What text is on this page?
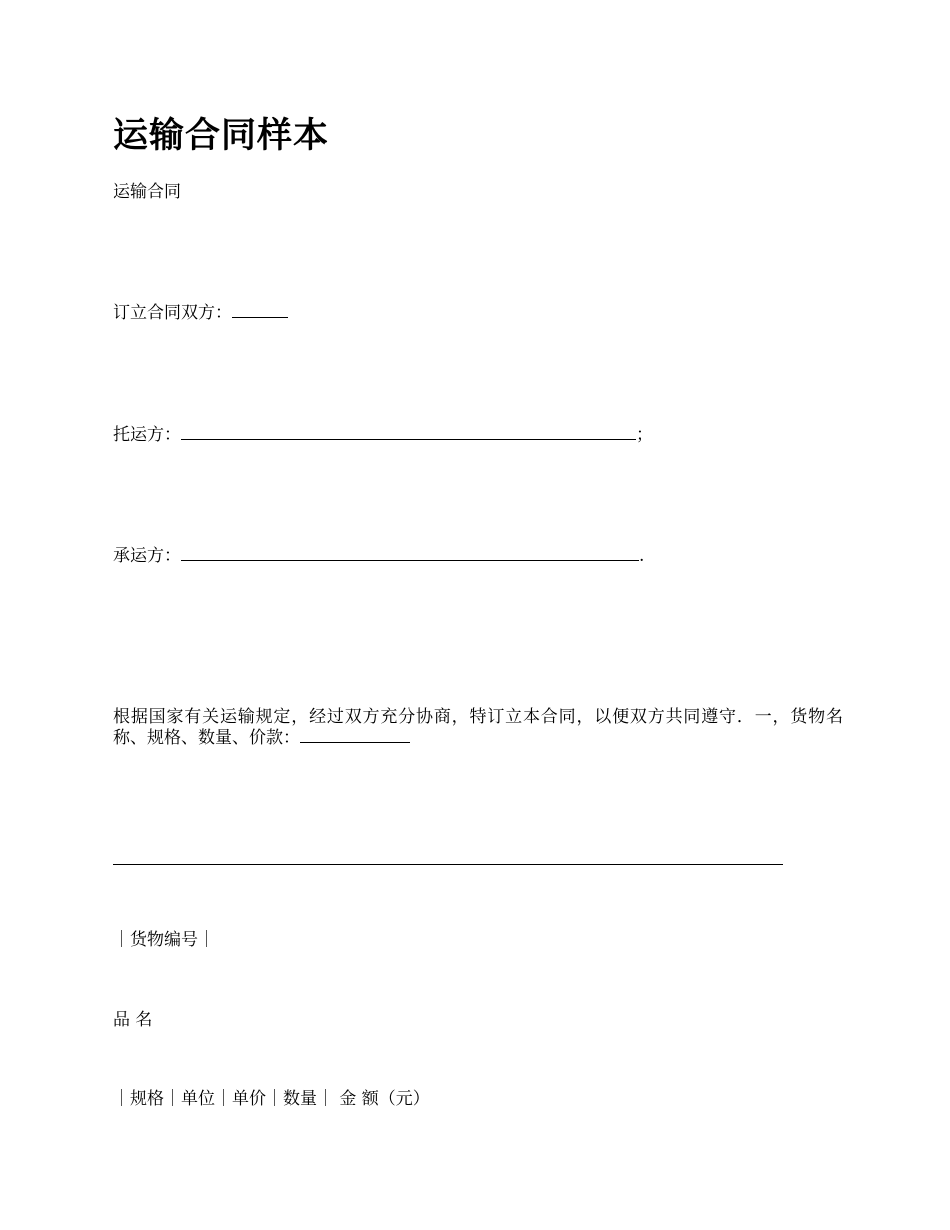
运输合同样本

运输合同

订立合同双方：

托运方：	；

承运方：	.

根据国家有关运输规定，经过双方充分协商，特订立本合同，以便双方共同遵守．一，货物名称、规格、数量、价款：

｜货物编号｜

品 名

｜规格｜单位｜单价｜数量｜ 金 额（元）
